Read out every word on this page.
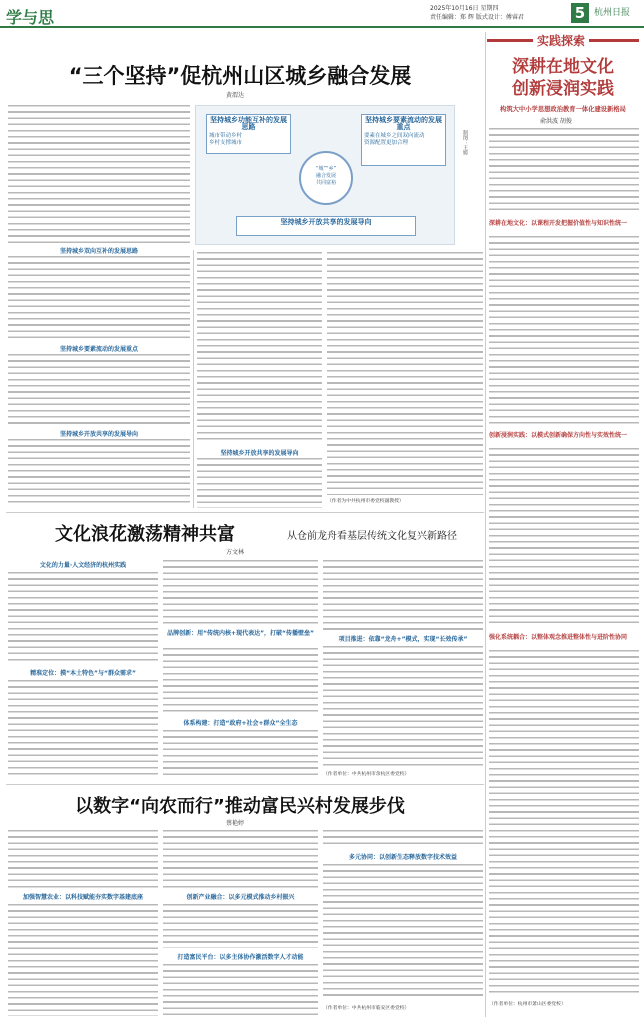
学与思	2025年10月16日 星期四
责任编辑：郑 辉 版式设计：傅睿君	5 杭州日报
“三个坚持”促杭州山区城乡融合发展
黄渭达
坚持城乡双向互补的发展思路
坚持城乡要素流动的发展重点
坚持城乡开放共享的发展导向
坚持城乡功能互补的发展思路
城市带动乡村
乡村支撑城市
坚持城乡要素流动的发展重点
要素在城乡之间双向流动
资源配置更加合理
“城”“乡”
融合发展
共同富裕
坚持城乡开放共享的发展导向
制图：王媛
坚持城乡开放共享的发展导向
（作者为中共杭州市委党校副教授）
实践探索
深耕在地文化
创新浸润实践
构筑大中小学思想政治教育一体化建设新格局
俞洪波 胡俊
深耕在地文化：以课程开发把握价值性与知识性统一
创新浸润实践：以模式创新确保方向性与实效性统一
强化系统耦合：以整体观念推进整体性与进阶性协同
（作者单位：杭州市萧山区委党校）
文化浪花激荡精神共富	从仓前龙舟看基层传统文化复兴新路径
方文林
文化的力量·人文经济的杭州实践
精准定位：摸“本土特色”与“群众需求”
品牌创新：用“传统内核+现代表达”，打破“传播壁垒”
体系构建：打造“政府+社会+群众”全生态
项目推进：依靠“龙舟+”模式，实现“长效传承”
（作者单位：中共杭州市余杭区委党校）
以数字“向农而行”推动富民兴村发展步伐
蔡艳婷
加强智慧农业：以科技赋能夯实数字基建底座	创新产业融合：以多元模式推动乡村振兴
打造富民平台：以多主体协作激活数字人才动能
多元协同：以创新生态释放数字技术效益
（作者单位：中共杭州市临安区委党校）
